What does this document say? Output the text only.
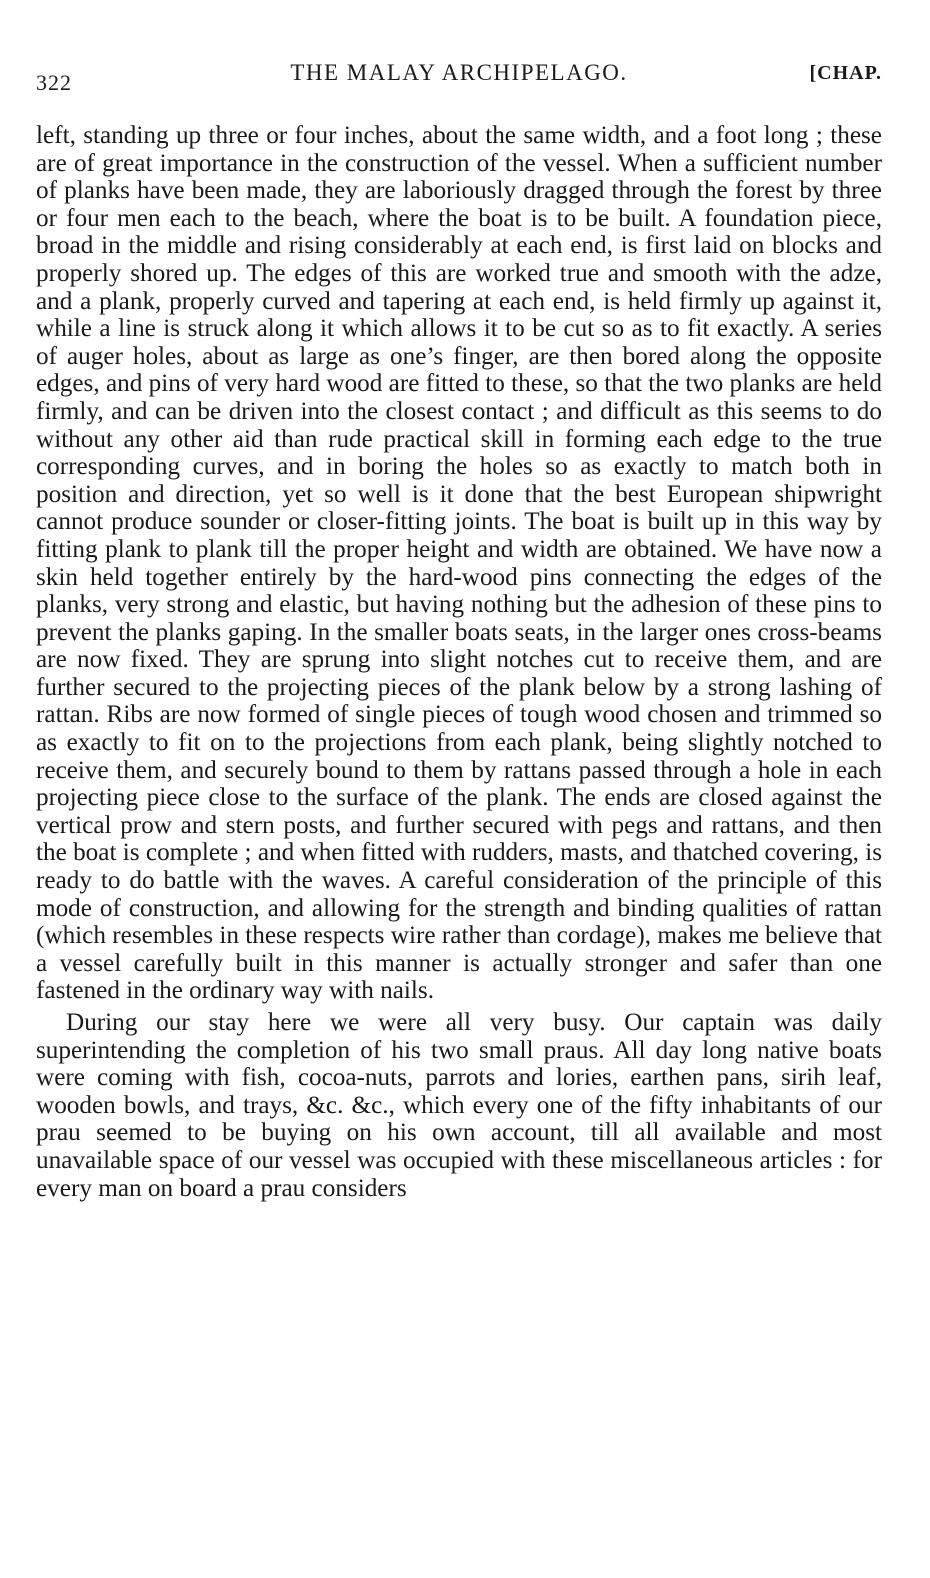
322	THE MALAY ARCHIPELAGO.	[CHAP.

left, standing up three or four inches, about the same width, and a foot long ; these are of great importance in the construction of the vessel. When a sufficient number of planks have been made, they are laboriously dragged through the forest by three or four men each to the beach, where the boat is to be built. A foundation piece, broad in the middle and rising considerably at each end, is first laid on blocks and properly shored up. The edges of this are worked true and smooth with the adze, and a plank, properly curved and tapering at each end, is held firmly up against it, while a line is struck along it which allows it to be cut so as to fit exactly. A series of auger holes, about as large as one’s finger, are then bored along the opposite edges, and pins of very hard wood are fitted to these, so that the two planks are held firmly, and can be driven into the closest contact ; and difficult as this seems to do without any other aid than rude practical skill in forming each edge to the true corresponding curves, and in boring the holes so as exactly to match both in position and direction, yet so well is it done that the best European shipwright cannot produce sounder or closer-fitting joints. The boat is built up in this way by fitting plank to plank till the proper height and width are obtained. We have now a skin held together entirely by the hard-wood pins connecting the edges of the planks, very strong and elastic, but having nothing but the adhesion of these pins to prevent the planks gaping. In the smaller boats seats, in the larger ones cross-beams are now fixed. They are sprung into slight notches cut to receive them, and are further secured to the projecting pieces of the plank below by a strong lashing of rattan. Ribs are now formed of single pieces of tough wood chosen and trimmed so as exactly to fit on to the projections from each plank, being slightly notched to receive them, and securely bound to them by rattans passed through a hole in each projecting piece close to the surface of the plank. The ends are closed against the vertical prow and stern posts, and further secured with pegs and rattans, and then the boat is complete ; and when fitted with rudders, masts, and thatched covering, is ready to do battle with the waves. A careful consideration of the principle of this mode of construction, and allowing for the strength and binding qualities of rattan (which resembles in these respects wire rather than cordage), makes me believe that a vessel carefully built in this manner is actually stronger and safer than one fastened in the ordinary way with nails.

During our stay here we were all very busy. Our captain was daily superintending the completion of his two small praus. All day long native boats were coming with fish, cocoa-nuts, parrots and lories, earthen pans, sirih leaf, wooden bowls, and trays, &c. &c., which every one of the fifty inhabitants of our prau seemed to be buying on his own account, till all available and most unavailable space of our vessel was occupied with these miscellaneous articles : for every man on board a prau considers
